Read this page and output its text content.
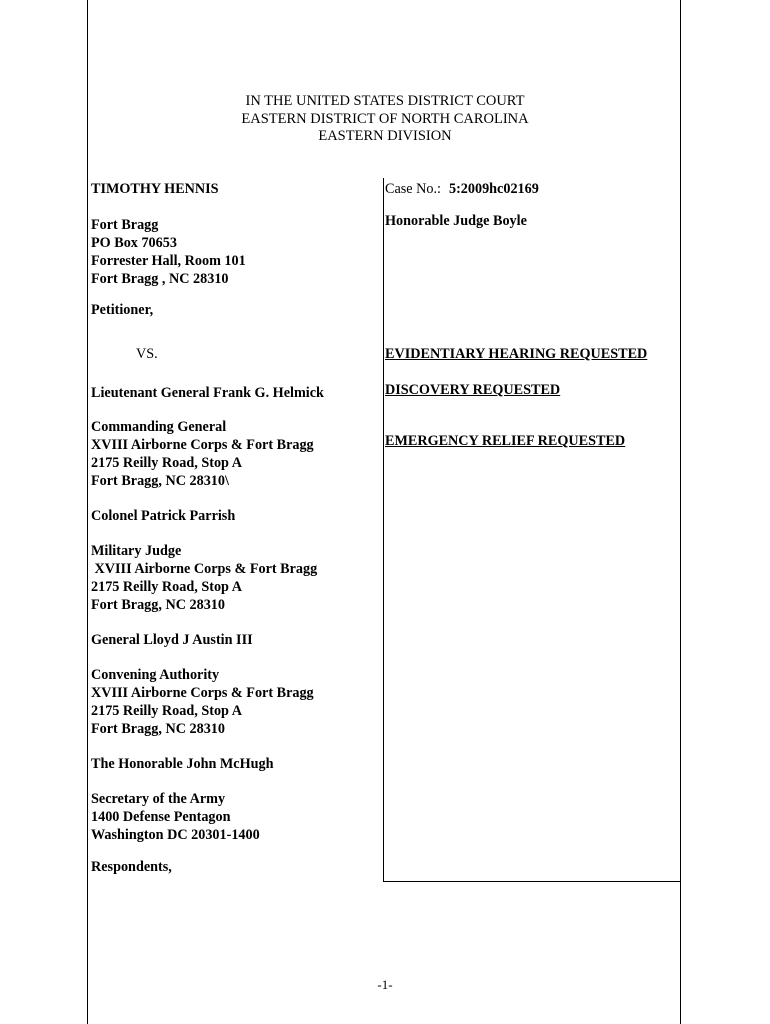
IN THE UNITED STATES DISTRICT COURT
EASTERN DISTRICT OF NORTH CAROLINA
EASTERN DIVISION
TIMOTHY HENNIS
Fort Bragg
PO Box 70653
Forrester Hall, Room 101
Fort Bragg , NC 28310
Petitioner,
Lieutenant General Frank G. Helmick
Commanding General
XVIII Airborne Corps & Fort Bragg
2175 Reilly Road, Stop A
Fort Bragg, NC 28310\
Colonel Patrick Parrish
Military Judge
XVIII Airborne Corps & Fort Bragg
2175 Reilly Road, Stop A
Fort Bragg, NC 28310
General Lloyd J Austin III
Convening Authority
XVIII Airborne Corps & Fort Bragg
2175 Reilly Road, Stop A
Fort Bragg, NC 28310
The Honorable John McHugh
Secretary of the Army
1400 Defense Pentagon
Washington DC 20301-1400
Respondents,
VS.
Case No.: 5:2009hc02169
Honorable Judge Boyle
EVIDENTIARY HEARING REQUESTED
DISCOVERY REQUESTED
EMERGENCY RELIEF REQUESTED
-1-
